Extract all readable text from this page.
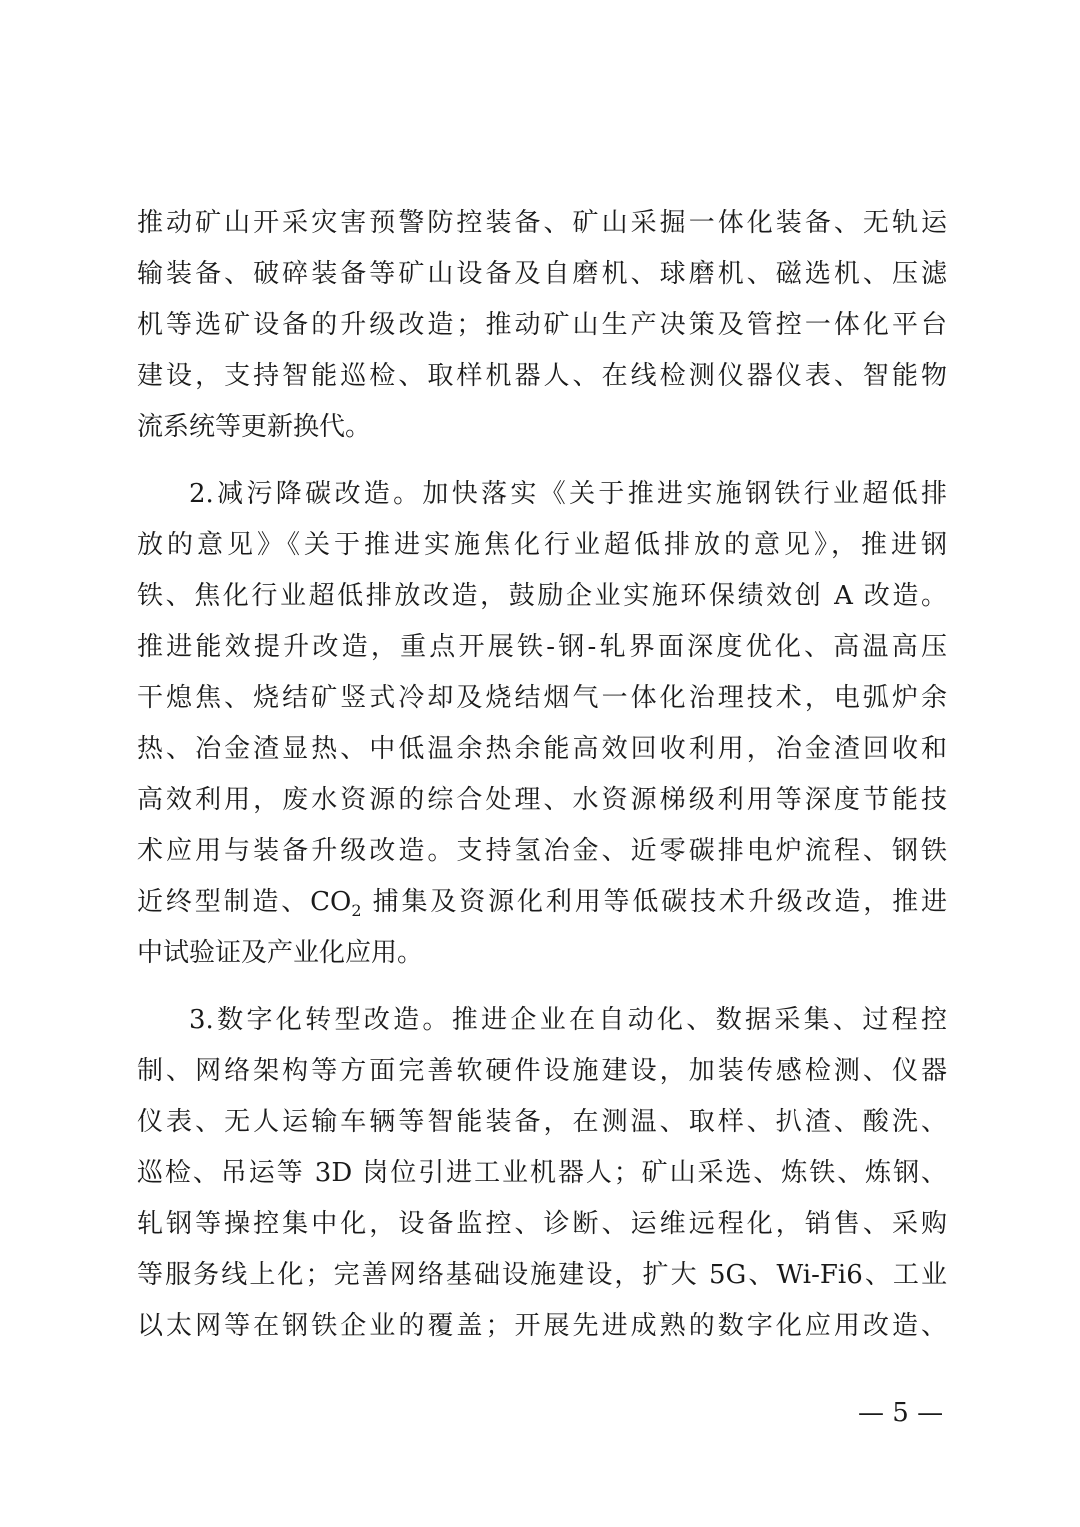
推动矿山开采灾害预警防控装备、矿山采掘一体化装备、无轨运
输装备、破碎装备等矿山设备及自磨机、球磨机、磁选机、压滤
机等选矿设备的升级改造；推动矿山生产决策及管控一体化平台
建设，支持智能巡检、取样机器人、在线检测仪器仪表、智能物
流系统等更新换代。
2.减污降碳改造。加快落实《关于推进实施钢铁行业超低排
放的意见》《关于推进实施焦化行业超低排放的意见》，推进钢
铁、焦化行业超低排放改造，鼓励企业实施环保绩效创 A 改造。
推进能效提升改造，重点开展铁-钢-轧界面深度优化、高温高压
干熄焦、烧结矿竖式冷却及烧结烟气一体化治理技术，电弧炉余
热、冶金渣显热、中低温余热余能高效回收利用，冶金渣回收和
高效利用，废水资源的综合处理、水资源梯级利用等深度节能技
术应用与装备升级改造。支持氢冶金、近零碳排电炉流程、钢铁
近终型制造、$CO_2$ 捕集及资源化利用等低碳技术升级改造，推进
中试验证及产业化应用。
3.数字化转型改造。推进企业在自动化、数据采集、过程控
制、网络架构等方面完善软硬件设施建设，加装传感检测、仪器
仪表、无人运输车辆等智能装备，在测温、取样、扒渣、酸洗、
巡检、吊运等 3D 岗位引进工业机器人；矿山采选、炼铁、炼钢、
轧钢等操控集中化，设备监控、诊断、运维远程化，销售、采购
等服务线上化；完善网络基础设施建设，扩大 5G、Wi-Fi6、工业
以太网等在钢铁企业的覆盖；开展先进成熟的数字化应用改造、
— 5 —
